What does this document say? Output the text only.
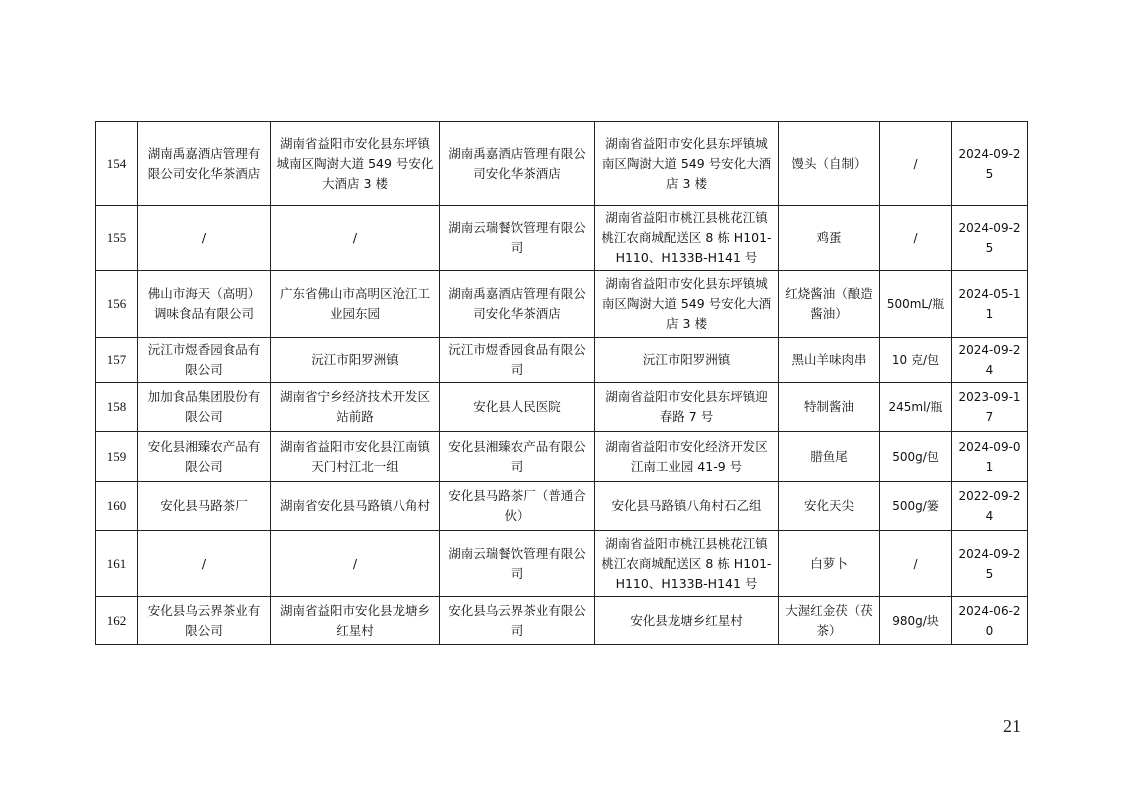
154	湖南禹嘉酒店管理有限公司安化华茶酒店	湖南省益阳市安化县东坪镇城南区陶澍大道 549 号安化大酒店 3 楼	湖南禹嘉酒店管理有限公司安化华茶酒店	湖南省益阳市安化县东坪镇城南区陶澍大道 549 号安化大酒店 3 楼	馒头（自制）	/	2024-09-25
155	/	/	湖南云瑞餐饮管理有限公司	湖南省益阳市桃江县桃花江镇桃江农商城配送区 8 栋 H101-H110、H133B-H141 号	鸡蛋	/	2024-09-25
156	佛山市海天（高明）调味食品有限公司	广东省佛山市高明区沧江工业园东园	湖南禹嘉酒店管理有限公司安化华茶酒店	湖南省益阳市安化县东坪镇城南区陶澍大道 549 号安化大酒店 3 楼	红烧酱油（酿造酱油）	500mL/瓶	2024-05-11
157	沅江市煜香园食品有限公司	沅江市阳罗洲镇	沅江市煜香园食品有限公司	沅江市阳罗洲镇	黑山羊味肉串	10 克/包	2024-09-24
158	加加食品集团股份有限公司	湖南省宁乡经济技术开发区站前路	安化县人民医院	湖南省益阳市安化县东坪镇迎春路 7 号	特制酱油	245ml/瓶	2023-09-17
159	安化县湘臻农产品有限公司	湖南省益阳市安化县江南镇天门村江北一组	安化县湘臻农产品有限公司	湖南省益阳市安化经济开发区江南工业园 41-9 号	腊鱼尾	500g/包	2024-09-01
160	安化县马路茶厂	湖南省安化县马路镇八角村	安化县马路茶厂（普通合伙）	安化县马路镇八角村石乙组	安化天尖	500g/篓	2022-09-24
161	/	/	湖南云瑞餐饮管理有限公司	湖南省益阳市桃江县桃花江镇桃江农商城配送区 8 栋 H101-H110、H133B-H141 号	白萝卜	/	2024-09-25
162	安化县乌云界茶业有限公司	湖南省益阳市安化县龙塘乡红星村	安化县乌云界茶业有限公司	安化县龙塘乡红星村	大渥红金茯（茯茶）	980g/块	2024-06-20
21
